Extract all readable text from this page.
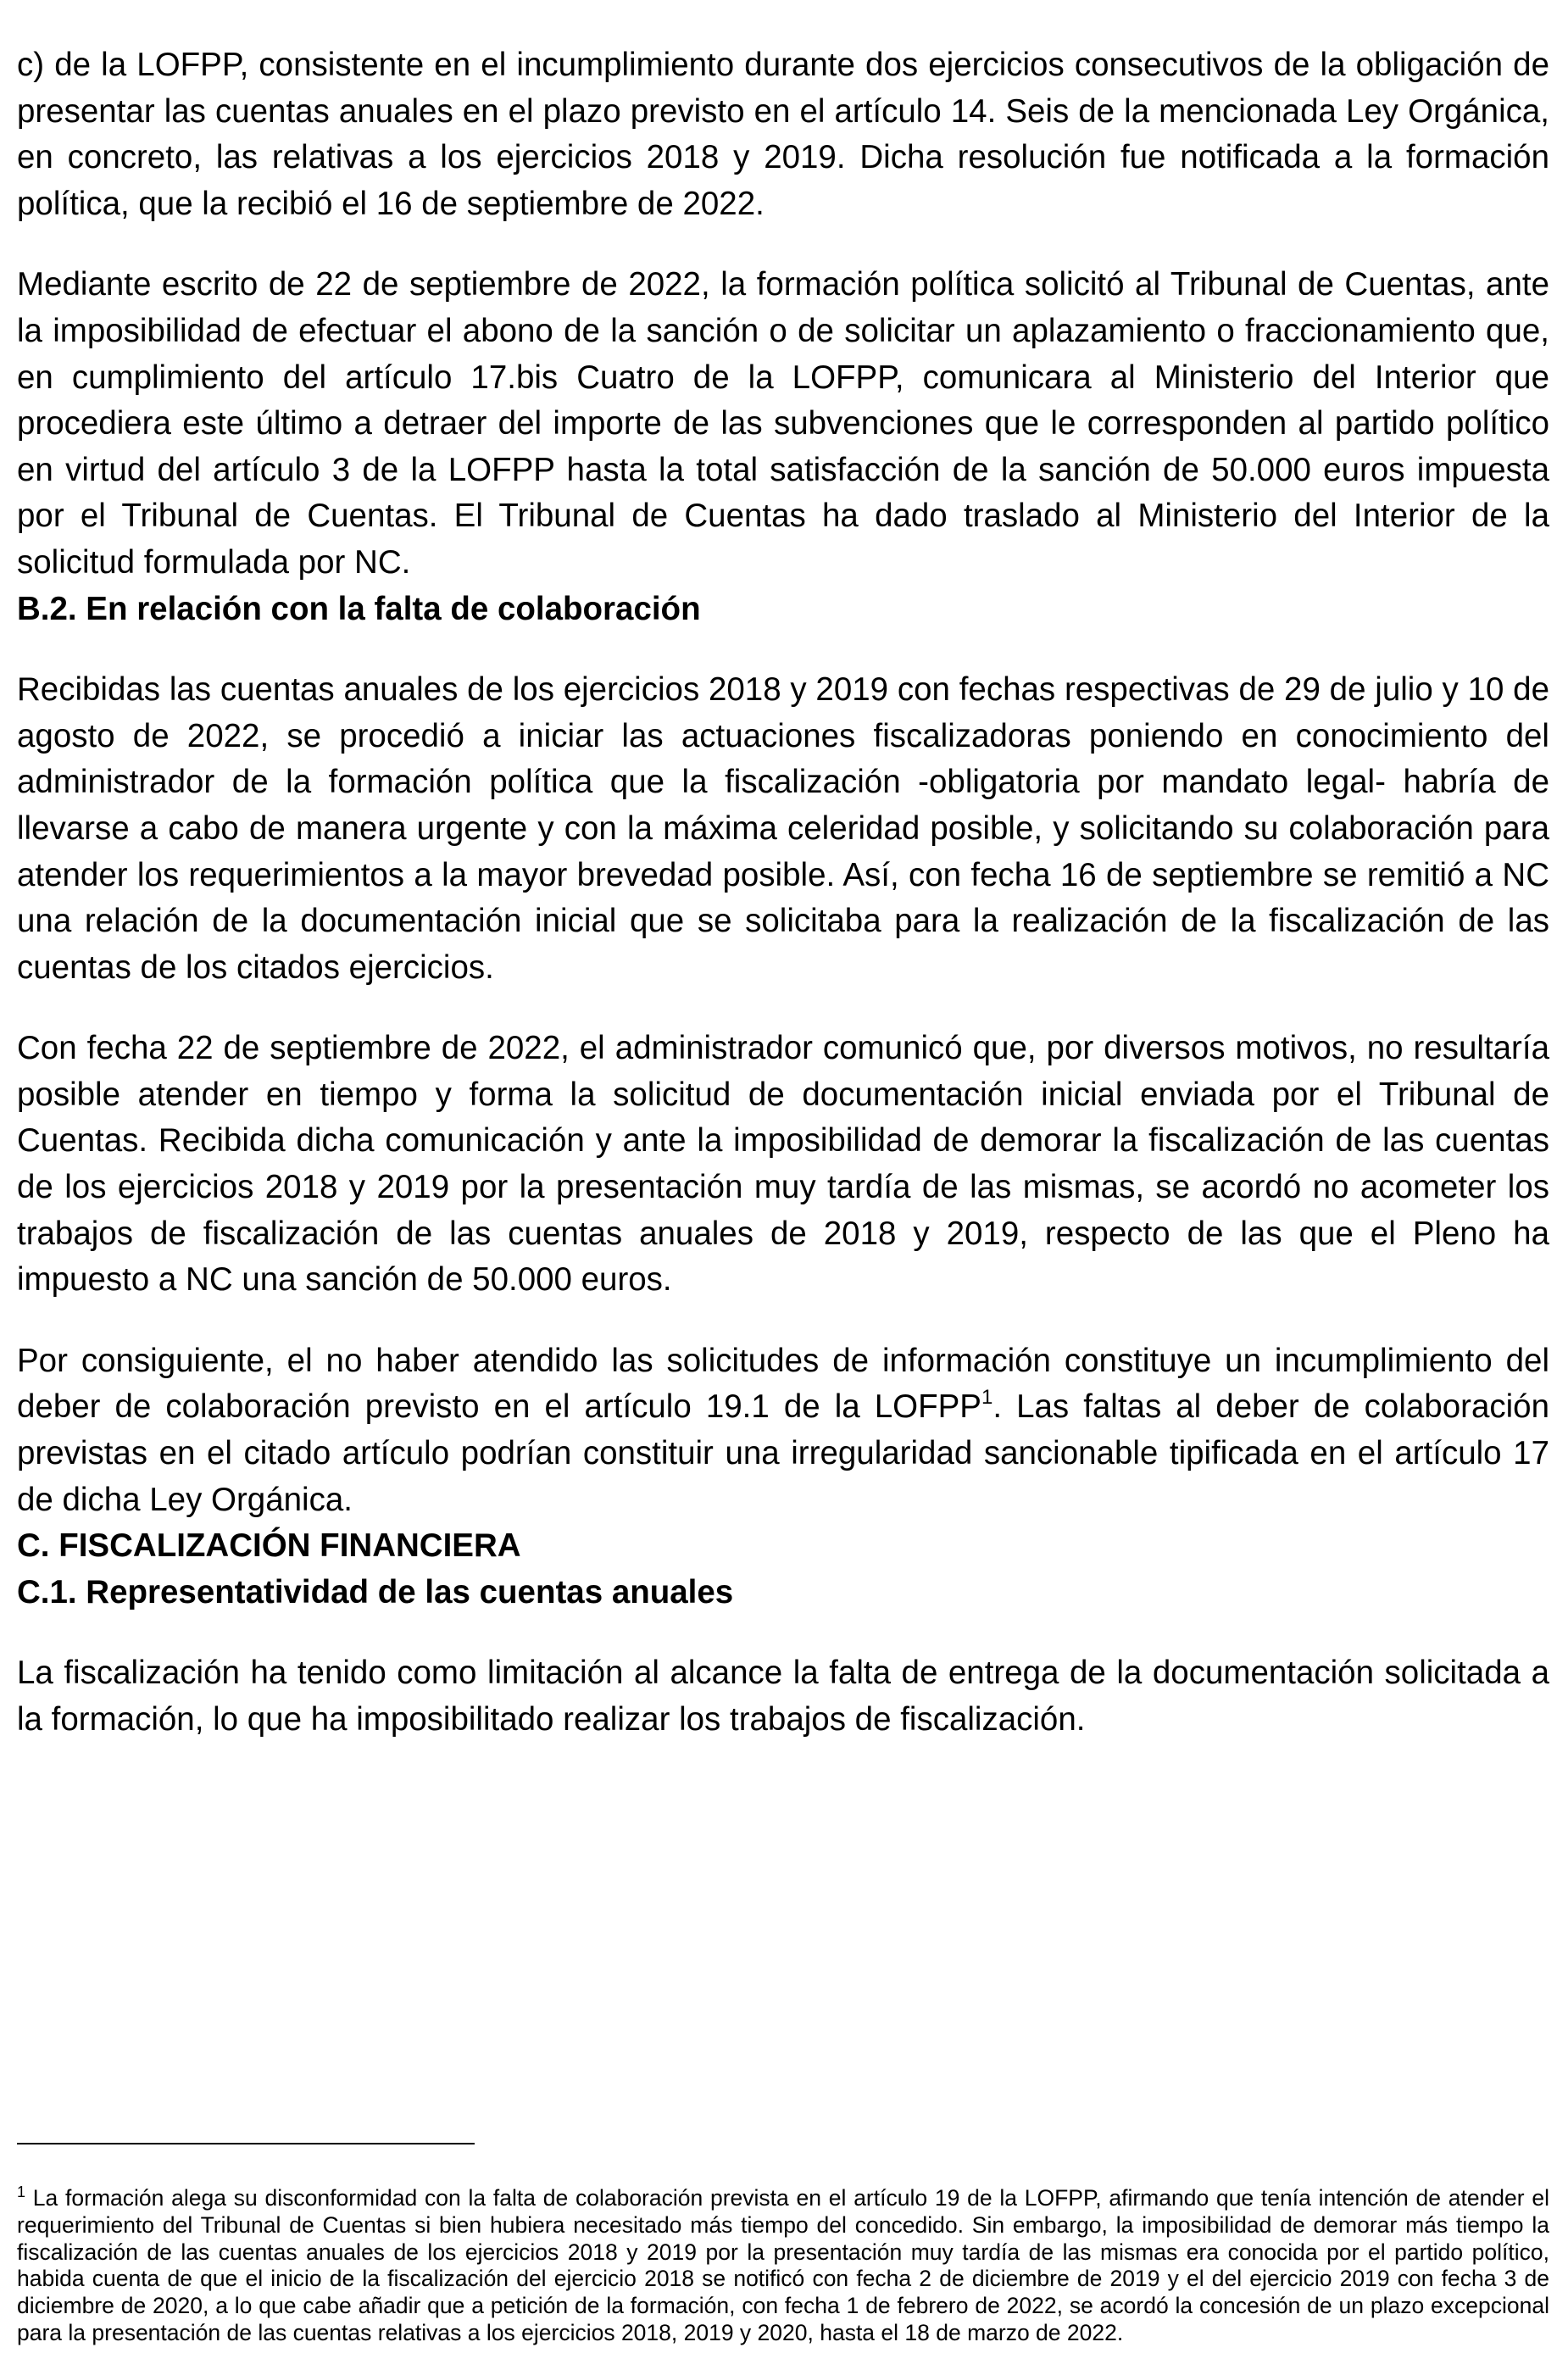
c) de la LOFPP, consistente en el incumplimiento durante dos ejercicios consecutivos de la obligación de presentar las cuentas anuales en el plazo previsto en el artículo 14. Seis de la mencionada Ley Orgánica, en concreto, las relativas a los ejercicios 2018 y 2019. Dicha resolución fue notificada a la formación política, que la recibió el 16 de septiembre de 2022.

Mediante escrito de 22 de septiembre de 2022, la formación política solicitó al Tribunal de Cuentas, ante la imposibilidad de efectuar el abono de la sanción o de solicitar un aplazamiento o fraccionamiento que, en cumplimiento del artículo 17.bis Cuatro de la LOFPP, comunicara al Ministerio del Interior que procediera este último a detraer del importe de las subvenciones que le corresponden al partido político en virtud del artículo 3 de la LOFPP hasta la total satisfacción de la sanción de 50.000 euros impuesta por el Tribunal de Cuentas. El Tribunal de Cuentas ha dado traslado al Ministerio del Interior de la solicitud formulada por NC.

B.2. En relación con la falta de colaboración

Recibidas las cuentas anuales de los ejercicios 2018 y 2019 con fechas respectivas de 29 de julio y 10 de agosto de 2022, se procedió a iniciar las actuaciones fiscalizadoras poniendo en conocimiento del administrador de la formación política que la fiscalización -obligatoria por mandato legal- habría de llevarse a cabo de manera urgente y con la máxima celeridad posible, y solicitando su colaboración para atender los requerimientos a la mayor brevedad posible. Así, con fecha 16 de septiembre se remitió a NC una relación de la documentación inicial que se solicitaba para la realización de la fiscalización de las cuentas de los citados ejercicios.

Con fecha 22 de septiembre de 2022, el administrador comunicó que, por diversos motivos, no resultaría posible atender en tiempo y forma la solicitud de documentación inicial enviada por el Tribunal de Cuentas. Recibida dicha comunicación y ante la imposibilidad de demorar la fiscalización de las cuentas de los ejercicios 2018 y 2019 por la presentación muy tardía de las mismas, se acordó no acometer los trabajos de fiscalización de las cuentas anuales de 2018 y 2019, respecto de las que el Pleno ha impuesto a NC una sanción de 50.000 euros.

Por consiguiente, el no haber atendido las solicitudes de información constituye un incumplimiento del deber de colaboración previsto en el artículo 19.1 de la LOFPP$^1$. Las faltas al deber de colaboración previstas en el citado artículo podrían constituir una irregularidad sancionable tipificada en el artículo 17 de dicha Ley Orgánica.

C. FISCALIZACIÓN FINANCIERA

C.1. Representatividad de las cuentas anuales

La fiscalización ha tenido como limitación al alcance la falta de entrega de la documentación solicitada a la formación, lo que ha imposibilitado realizar los trabajos de fiscalización.

$^1$ La formación alega su disconformidad con la falta de colaboración prevista en el artículo 19 de la LOFPP, afirmando que tenía intención de atender el requerimiento del Tribunal de Cuentas si bien hubiera necesitado más tiempo del concedido. Sin embargo, la imposibilidad de demorar más tiempo la fiscalización de las cuentas anuales de los ejercicios 2018 y 2019 por la presentación muy tardía de las mismas era conocida por el partido político, habida cuenta de que el inicio de la fiscalización del ejercicio 2018 se notificó con fecha 2 de diciembre de 2019 y el del ejercicio 2019 con fecha 3 de diciembre de 2020, a lo que cabe añadir que a petición de la formación, con fecha 1 de febrero de 2022, se acordó la concesión de un plazo excepcional para la presentación de las cuentas relativas a los ejercicios 2018, 2019 y 2020, hasta el 18 de marzo de 2022.
